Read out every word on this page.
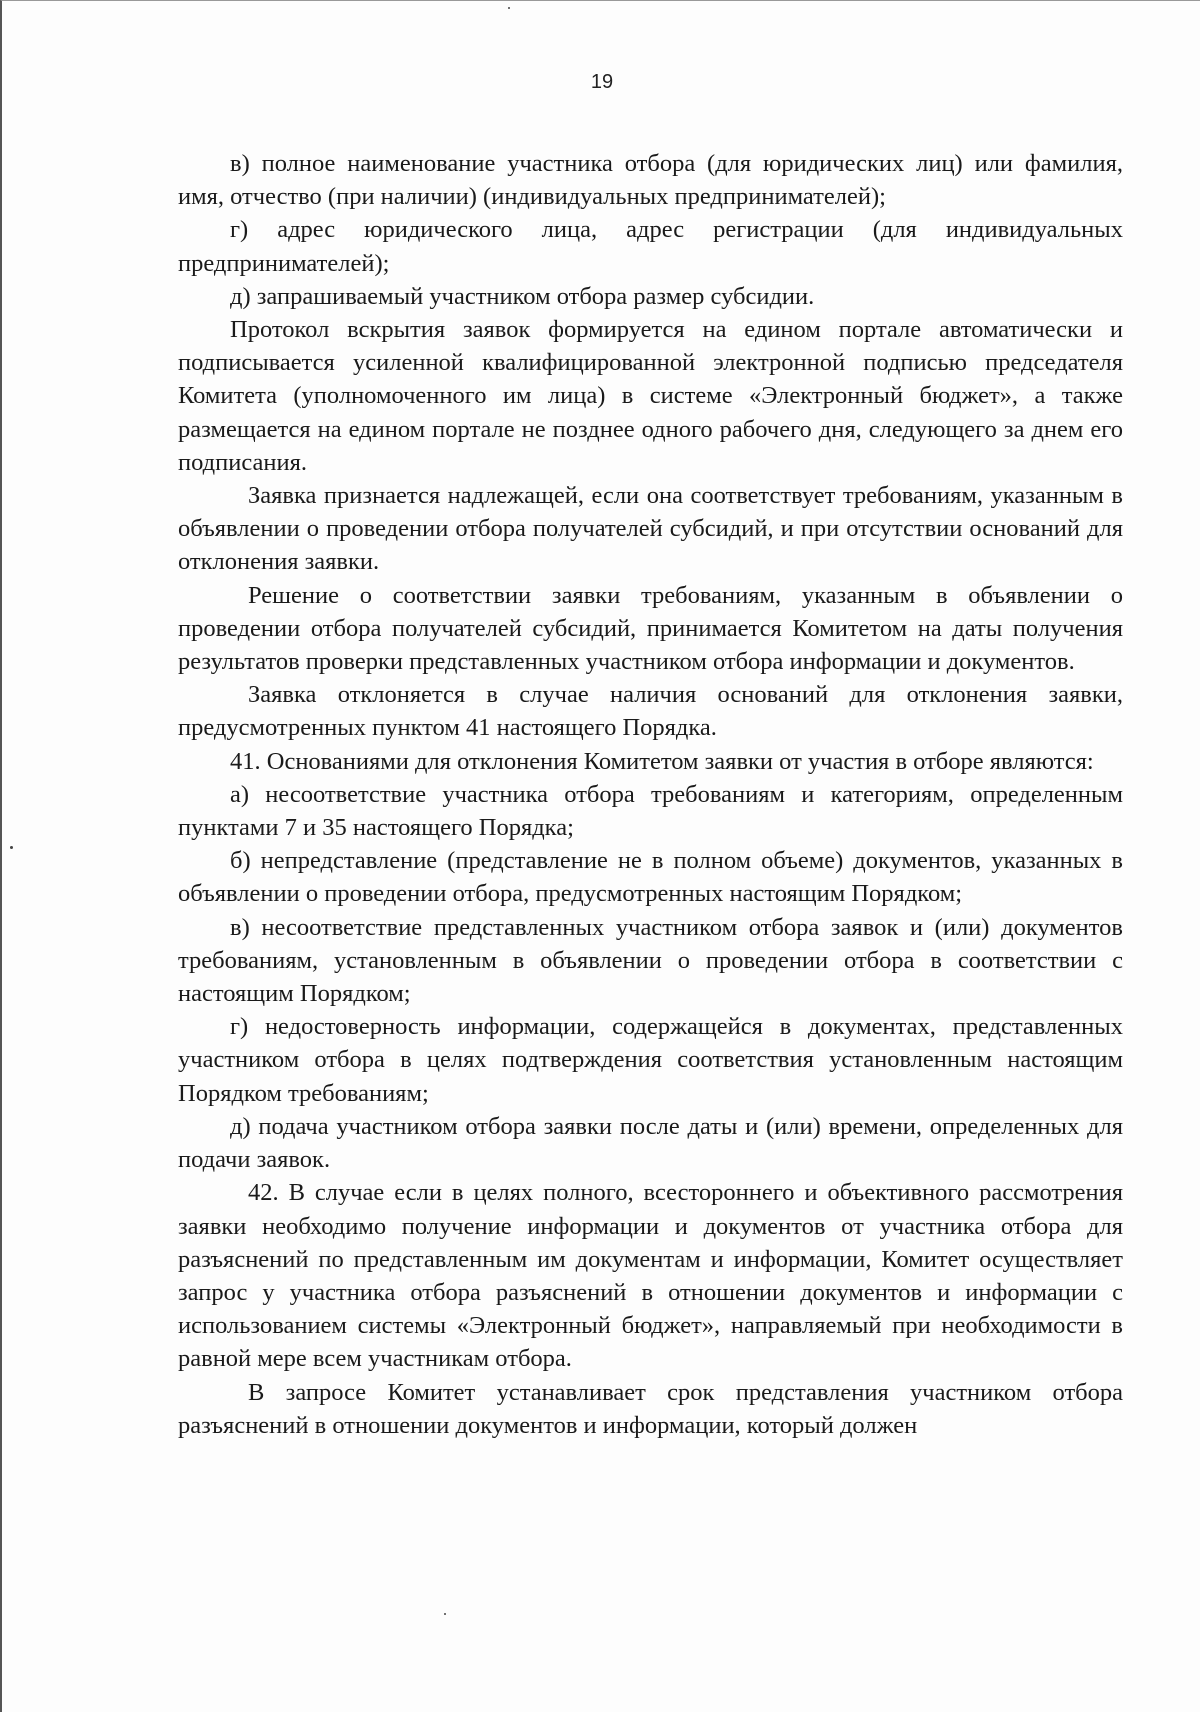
19

в) полное наименование участника отбора (для юридических лиц) или фамилия, имя, отчество (при наличии) (индивидуальных предпринимателей);

г) адрес юридического лица, адрес регистрации (для индивидуальных предпринимателей);

д) запрашиваемый участником отбора размер субсидии.

Протокол вскрытия заявок формируется на едином портале автоматически и подписывается усиленной квалифицированной электронной подписью председателя Комитета (уполномоченного им лица) в системе «Электронный бюджет», а также размещается на едином портале не позднее одного рабочего дня, следующего за днем его подписания.

Заявка признается надлежащей, если она соответствует требованиям, указанным в объявлении о проведении отбора получателей субсидий, и при отсутствии оснований для отклонения заявки.

Решение о соответствии заявки требованиям, указанным в объявлении о проведении отбора получателей субсидий, принимается Комитетом на даты получения результатов проверки представленных участником отбора информации и документов.

Заявка отклоняется в случае наличия оснований для отклонения заявки, предусмотренных пунктом 41 настоящего Порядка.

41. Основаниями для отклонения Комитетом заявки от участия в отборе являются:

а) несоответствие участника отбора требованиям и категориям, определенным пунктами 7 и 35 настоящего Порядка;

б) непредставление (представление не в полном объеме) документов, указанных в объявлении о проведении отбора, предусмотренных настоящим Порядком;

в) несоответствие представленных участником отбора заявок и (или) документов требованиям, установленным в объявлении о проведении отбора в соответствии с настоящим Порядком;

г) недостоверность информации, содержащейся в документах, представленных участником отбора в целях подтверждения соответствия установленным настоящим Порядком требованиям;

д) подача участником отбора заявки после даты и (или) времени, определенных для подачи заявок.

42. В случае если в целях полного, всестороннего и объективного рассмотрения заявки необходимо получение информации и документов от участника отбора для разъяснений по представленным им документам и информации, Комитет осуществляет запрос у участника отбора разъяснений в отношении документов и информации с использованием системы «Электронный бюджет», направляемый при необходимости в равной мере всем участникам отбора.

В запросе Комитет устанавливает срок представления участником отбора разъяснений в отношении документов и информации, который должен
